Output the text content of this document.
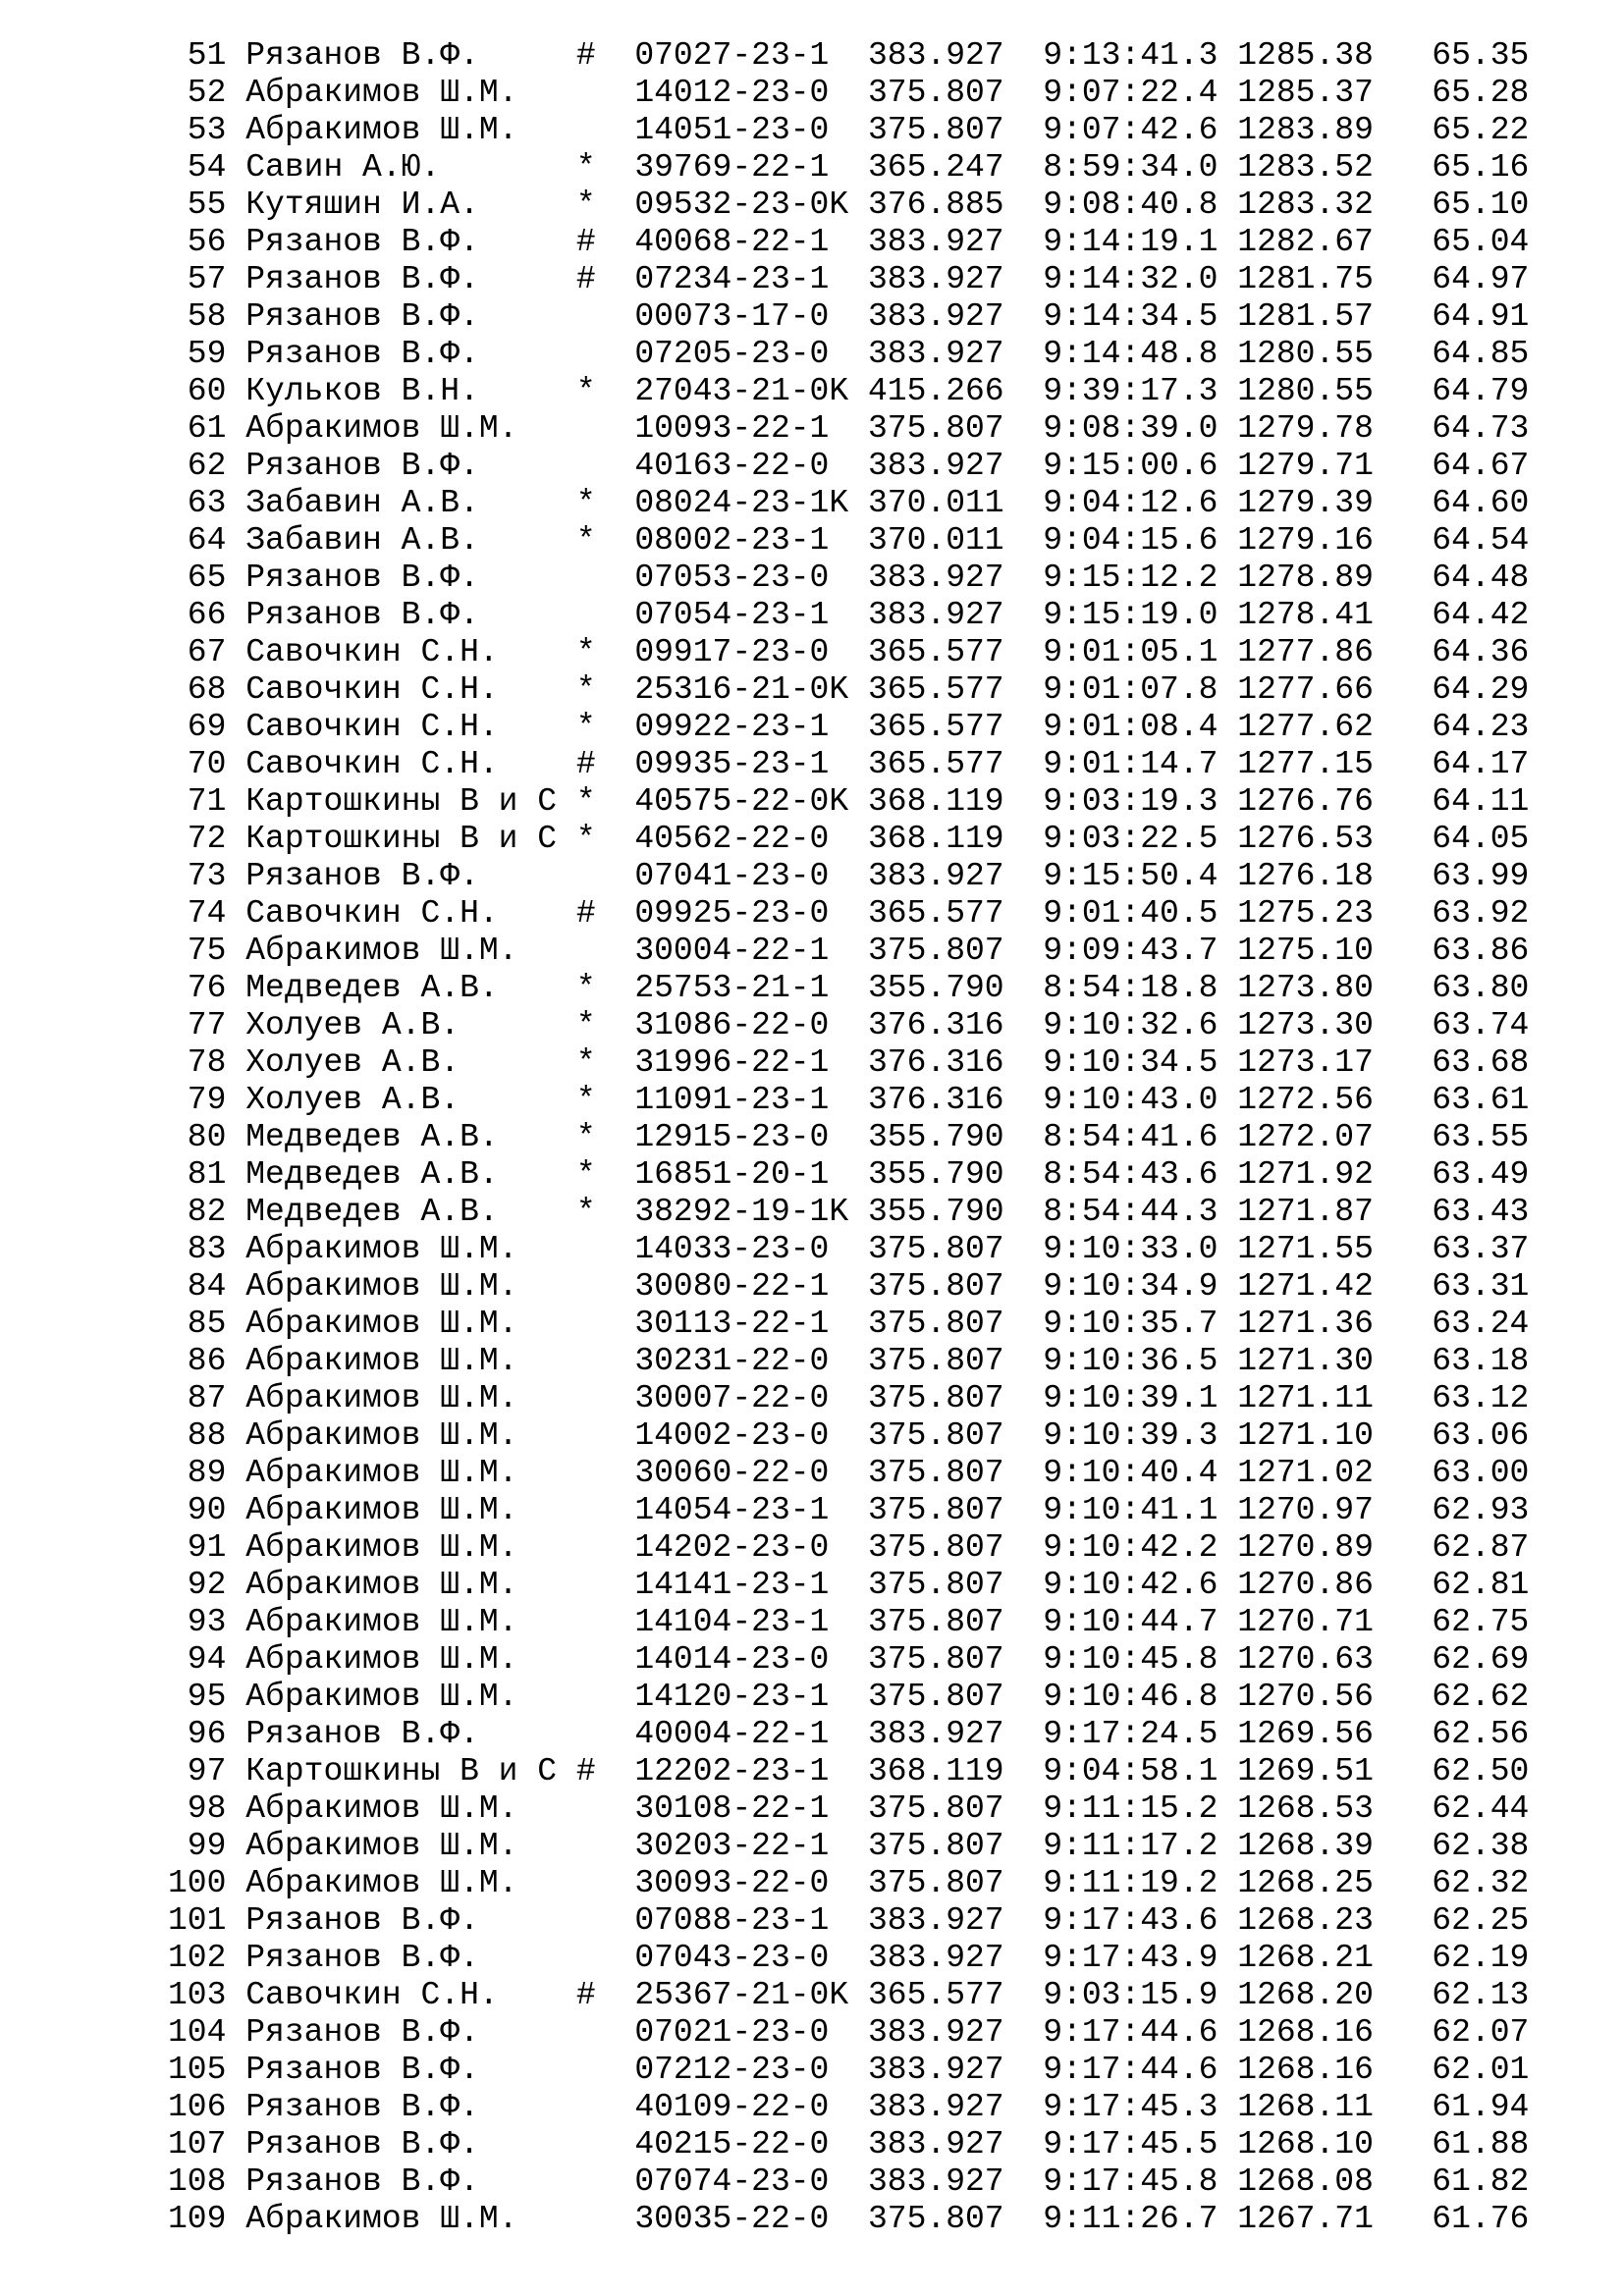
51 Рязанов В.Ф.     # 07027-23-1  383.927 9:13:41.3 1285.38   65.35
52 Абракимов Ш.М.      14012-23-0  375.807 9:07:22.4 1285.37   65.28
53 Абракимов Ш.М.      14051-23-0  375.807 9:07:42.6 1283.89   65.22
54 Савин А.Ю.       * 39769-22-1  365.247 8:59:34.0 1283.52   65.16
55 Кутяшин И.А.     * 09532-23-0K 376.885 9:08:40.8 1283.32   65.10
56 Рязанов В.Ф.     # 40068-22-1  383.927 9:14:19.1 1282.67   65.04
57 Рязанов В.Ф.     # 07234-23-1  383.927 9:14:32.0 1281.75   64.97
58 Рязанов В.Ф.        00073-17-0  383.927 9:14:34.5 1281.57   64.91
59 Рязанов В.Ф.        07205-23-0  383.927 9:14:48.8 1280.55   64.85
60 Кульков В.Н.     * 27043-21-0K 415.266 9:39:17.3 1280.55   64.79
61 Абракимов Ш.М.      10093-22-1  375.807 9:08:39.0 1279.78   64.73
62 Рязанов В.Ф.        40163-22-0  383.927 9:15:00.6 1279.71   64.67
63 Забавин А.В.     * 08024-23-1K 370.011 9:04:12.6 1279.39   64.60
64 Забавин А.В.     * 08002-23-1  370.011 9:04:15.6 1279.16   64.54
65 Рязанов В.Ф.        07053-23-0  383.927 9:15:12.2 1278.89   64.48
66 Рязанов В.Ф.        07054-23-1  383.927 9:15:19.0 1278.41   64.42
67 Савочкин С.Н.    * 09917-23-0  365.577 9:01:05.1 1277.86   64.36
68 Савочкин С.Н.    * 25316-21-0K 365.577 9:01:07.8 1277.66   64.29
69 Савочкин С.Н.    * 09922-23-1  365.577 9:01:08.4 1277.62   64.23
70 Савочкин С.Н.    # 09935-23-1  365.577 9:01:14.7 1277.15   64.17
71 Картошкины В и С * 40575-22-0K 368.119 9:03:19.3 1276.76   64.11
72 Картошкины В и С * 40562-22-0  368.119 9:03:22.5 1276.53   64.05
73 Рязанов В.Ф.        07041-23-0  383.927 9:15:50.4 1276.18   63.99
74 Савочкин С.Н.    # 09925-23-0  365.577 9:01:40.5 1275.23   63.92
75 Абракимов Ш.М.      30004-22-1  375.807 9:09:43.7 1275.10   63.86
76 Медведев А.В.    * 25753-21-1  355.790 8:54:18.8 1273.80   63.80
77 Холуев А.В.      * 31086-22-0  376.316 9:10:32.6 1273.30   63.74
78 Холуев А.В.      * 31996-22-1  376.316 9:10:34.5 1273.17   63.68
79 Холуев А.В.      * 11091-23-1  376.316 9:10:43.0 1272.56   63.61
80 Медведев А.В.    * 12915-23-0  355.790 8:54:41.6 1272.07   63.55
81 Медведев А.В.    * 16851-20-1  355.790 8:54:43.6 1271.92   63.49
82 Медведев А.В.    * 38292-19-1K 355.790 8:54:44.3 1271.87   63.43
83 Абракимов Ш.М.      14033-23-0  375.807 9:10:33.0 1271.55   63.37
84 Абракимов Ш.М.      30080-22-1  375.807 9:10:34.9 1271.42   63.31
85 Абракимов Ш.М.      30113-22-1  375.807 9:10:35.7 1271.36   63.24
86 Абракимов Ш.М.      30231-22-0  375.807 9:10:36.5 1271.30   63.18
87 Абракимов Ш.М.      30007-22-0  375.807 9:10:39.1 1271.11   63.12
88 Абракимов Ш.М.      14002-23-0  375.807 9:10:39.3 1271.10   63.06
89 Абракимов Ш.М.      30060-22-0  375.807 9:10:40.4 1271.02   63.00
90 Абракимов Ш.М.      14054-23-1  375.807 9:10:41.1 1270.97   62.93
91 Абракимов Ш.М.      14202-23-0  375.807 9:10:42.2 1270.89   62.87
92 Абракимов Ш.М.      14141-23-1  375.807 9:10:42.6 1270.86   62.81
93 Абракимов Ш.М.      14104-23-1  375.807 9:10:44.7 1270.71   62.75
94 Абракимов Ш.М.      14014-23-0  375.807 9:10:45.8 1270.63   62.69
95 Абракимов Ш.М.      14120-23-1  375.807 9:10:46.8 1270.56   62.62
96 Рязанов В.Ф.        40004-22-1  383.927 9:17:24.5 1269.56   62.56
97 Картошкины В и С # 12202-23-1  368.119 9:04:58.1 1269.51   62.50
98 Абракимов Ш.М.      30108-22-1  375.807 9:11:15.2 1268.53   62.44
99 Абракимов Ш.М.      30203-22-1  375.807 9:11:17.2 1268.39   62.38
100 Абракимов Ш.М.      30093-22-0  375.807 9:11:19.2 1268.25   62.32
101 Рязанов В.Ф.        07088-23-1  383.927 9:17:43.6 1268.23   62.25
102 Рязанов В.Ф.        07043-23-0  383.927 9:17:43.9 1268.21   62.19
103 Савочкин С.Н.    # 25367-21-0K 365.577 9:03:15.9 1268.20   62.13
104 Рязанов В.Ф.        07021-23-0  383.927 9:17:44.6 1268.16   62.07
105 Рязанов В.Ф.        07212-23-0  383.927 9:17:44.6 1268.16   62.01
106 Рязанов В.Ф.        40109-22-0  383.927 9:17:45.3 1268.11   61.94
107 Рязанов В.Ф.        40215-22-0  383.927 9:17:45.5 1268.10   61.88
108 Рязанов В.Ф.        07074-23-0  383.927 9:17:45.8 1268.08   61.82
109 Абракимов Ш.М.      30035-22-0  375.807 9:11:26.7 1267.71   61.76
